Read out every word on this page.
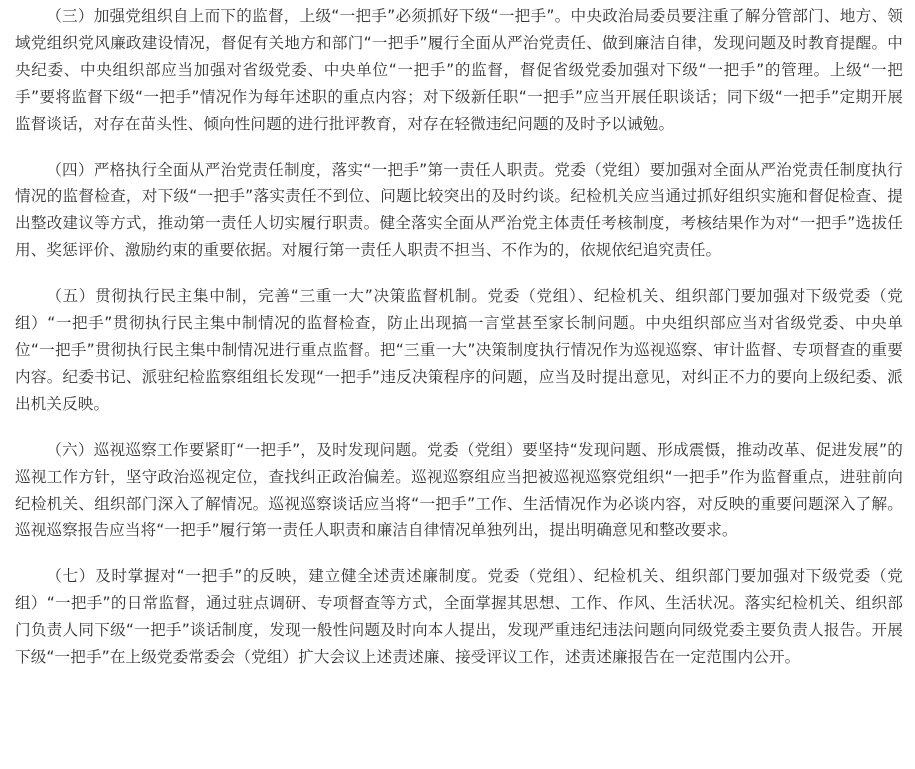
（三）加强党组织自上而下的监督，上级“一把手”必须抓好下级“一把手”。中央政治局委员要注重了解分管部门、地方、领域党组织党风廉政建设情况，督促有关地方和部门“一把手”履行全面从严治党责任、做到廉洁自律，发现问题及时教育提醒。中央纪委、中央组织部应当加强对省级党委、中央单位“一把手”的监督，督促省级党委加强对下级“一把手”的管理。上级“一把手”要将监督下级“一把手”情况作为每年述职的重点内容；对下级新任职“一把手”应当开展任职谈话；同下级“一把手”定期开展监督谈话，对存在苗头性、倾向性问题的进行批评教育，对存在轻微违纪问题的及时予以诫勉。

（四）严格执行全面从严治党责任制度，落实“一把手”第一责任人职责。党委（党组）要加强对全面从严治党责任制度执行情况的监督检查，对下级“一把手”落实责任不到位、问题比较突出的及时约谈。纪检机关应当通过抓好组织实施和督促检查、提出整改建议等方式，推动第一责任人切实履行职责。健全落实全面从严治党主体责任考核制度，考核结果作为对“一把手”选拔任用、奖惩评价、激励约束的重要依据。对履行第一责任人职责不担当、不作为的，依规依纪追究责任。

（五）贯彻执行民主集中制，完善“三重一大”决策监督机制。党委（党组）、纪检机关、组织部门要加强对下级党委（党组）“一把手”贯彻执行民主集中制情况的监督检查，防止出现搞一言堂甚至家长制问题。中央组织部应当对省级党委、中央单位“一把手”贯彻执行民主集中制情况进行重点监督。把“三重一大”决策制度执行情况作为巡视巡察、审计监督、专项督查的重要内容。纪委书记、派驻纪检监察组组长发现“一把手”违反决策程序的问题，应当及时提出意见，对纠正不力的要向上级纪委、派出机关反映。

（六）巡视巡察工作要紧盯“一把手”，及时发现问题。党委（党组）要坚持“发现问题、形成震慑，推动改革、促进发展”的巡视工作方针，坚守政治巡视定位，查找纠正政治偏差。巡视巡察组应当把被巡视巡察党组织“一把手”作为监督重点，进驻前向纪检机关、组织部门深入了解情况。巡视巡察谈话应当将“一把手”工作、生活情况作为必谈内容，对反映的重要问题深入了解。巡视巡察报告应当将“一把手”履行第一责任人职责和廉洁自律情况单独列出，提出明确意见和整改要求。

（七）及时掌握对“一把手”的反映，建立健全述责述廉制度。党委（党组）、纪检机关、组织部门要加强对下级党委（党组）“一把手”的日常监督，通过驻点调研、专项督查等方式，全面掌握其思想、工作、作风、生活状况。落实纪检机关、组织部门负责人同下级“一把手”谈话制度，发现一般性问题及时向本人提出，发现严重违纪违法问题向同级党委主要负责人报告。开展下级“一把手”在上级党委常委会（党组）扩大会议上述责述廉、接受评议工作，述责述廉报告在一定范围内公开。
